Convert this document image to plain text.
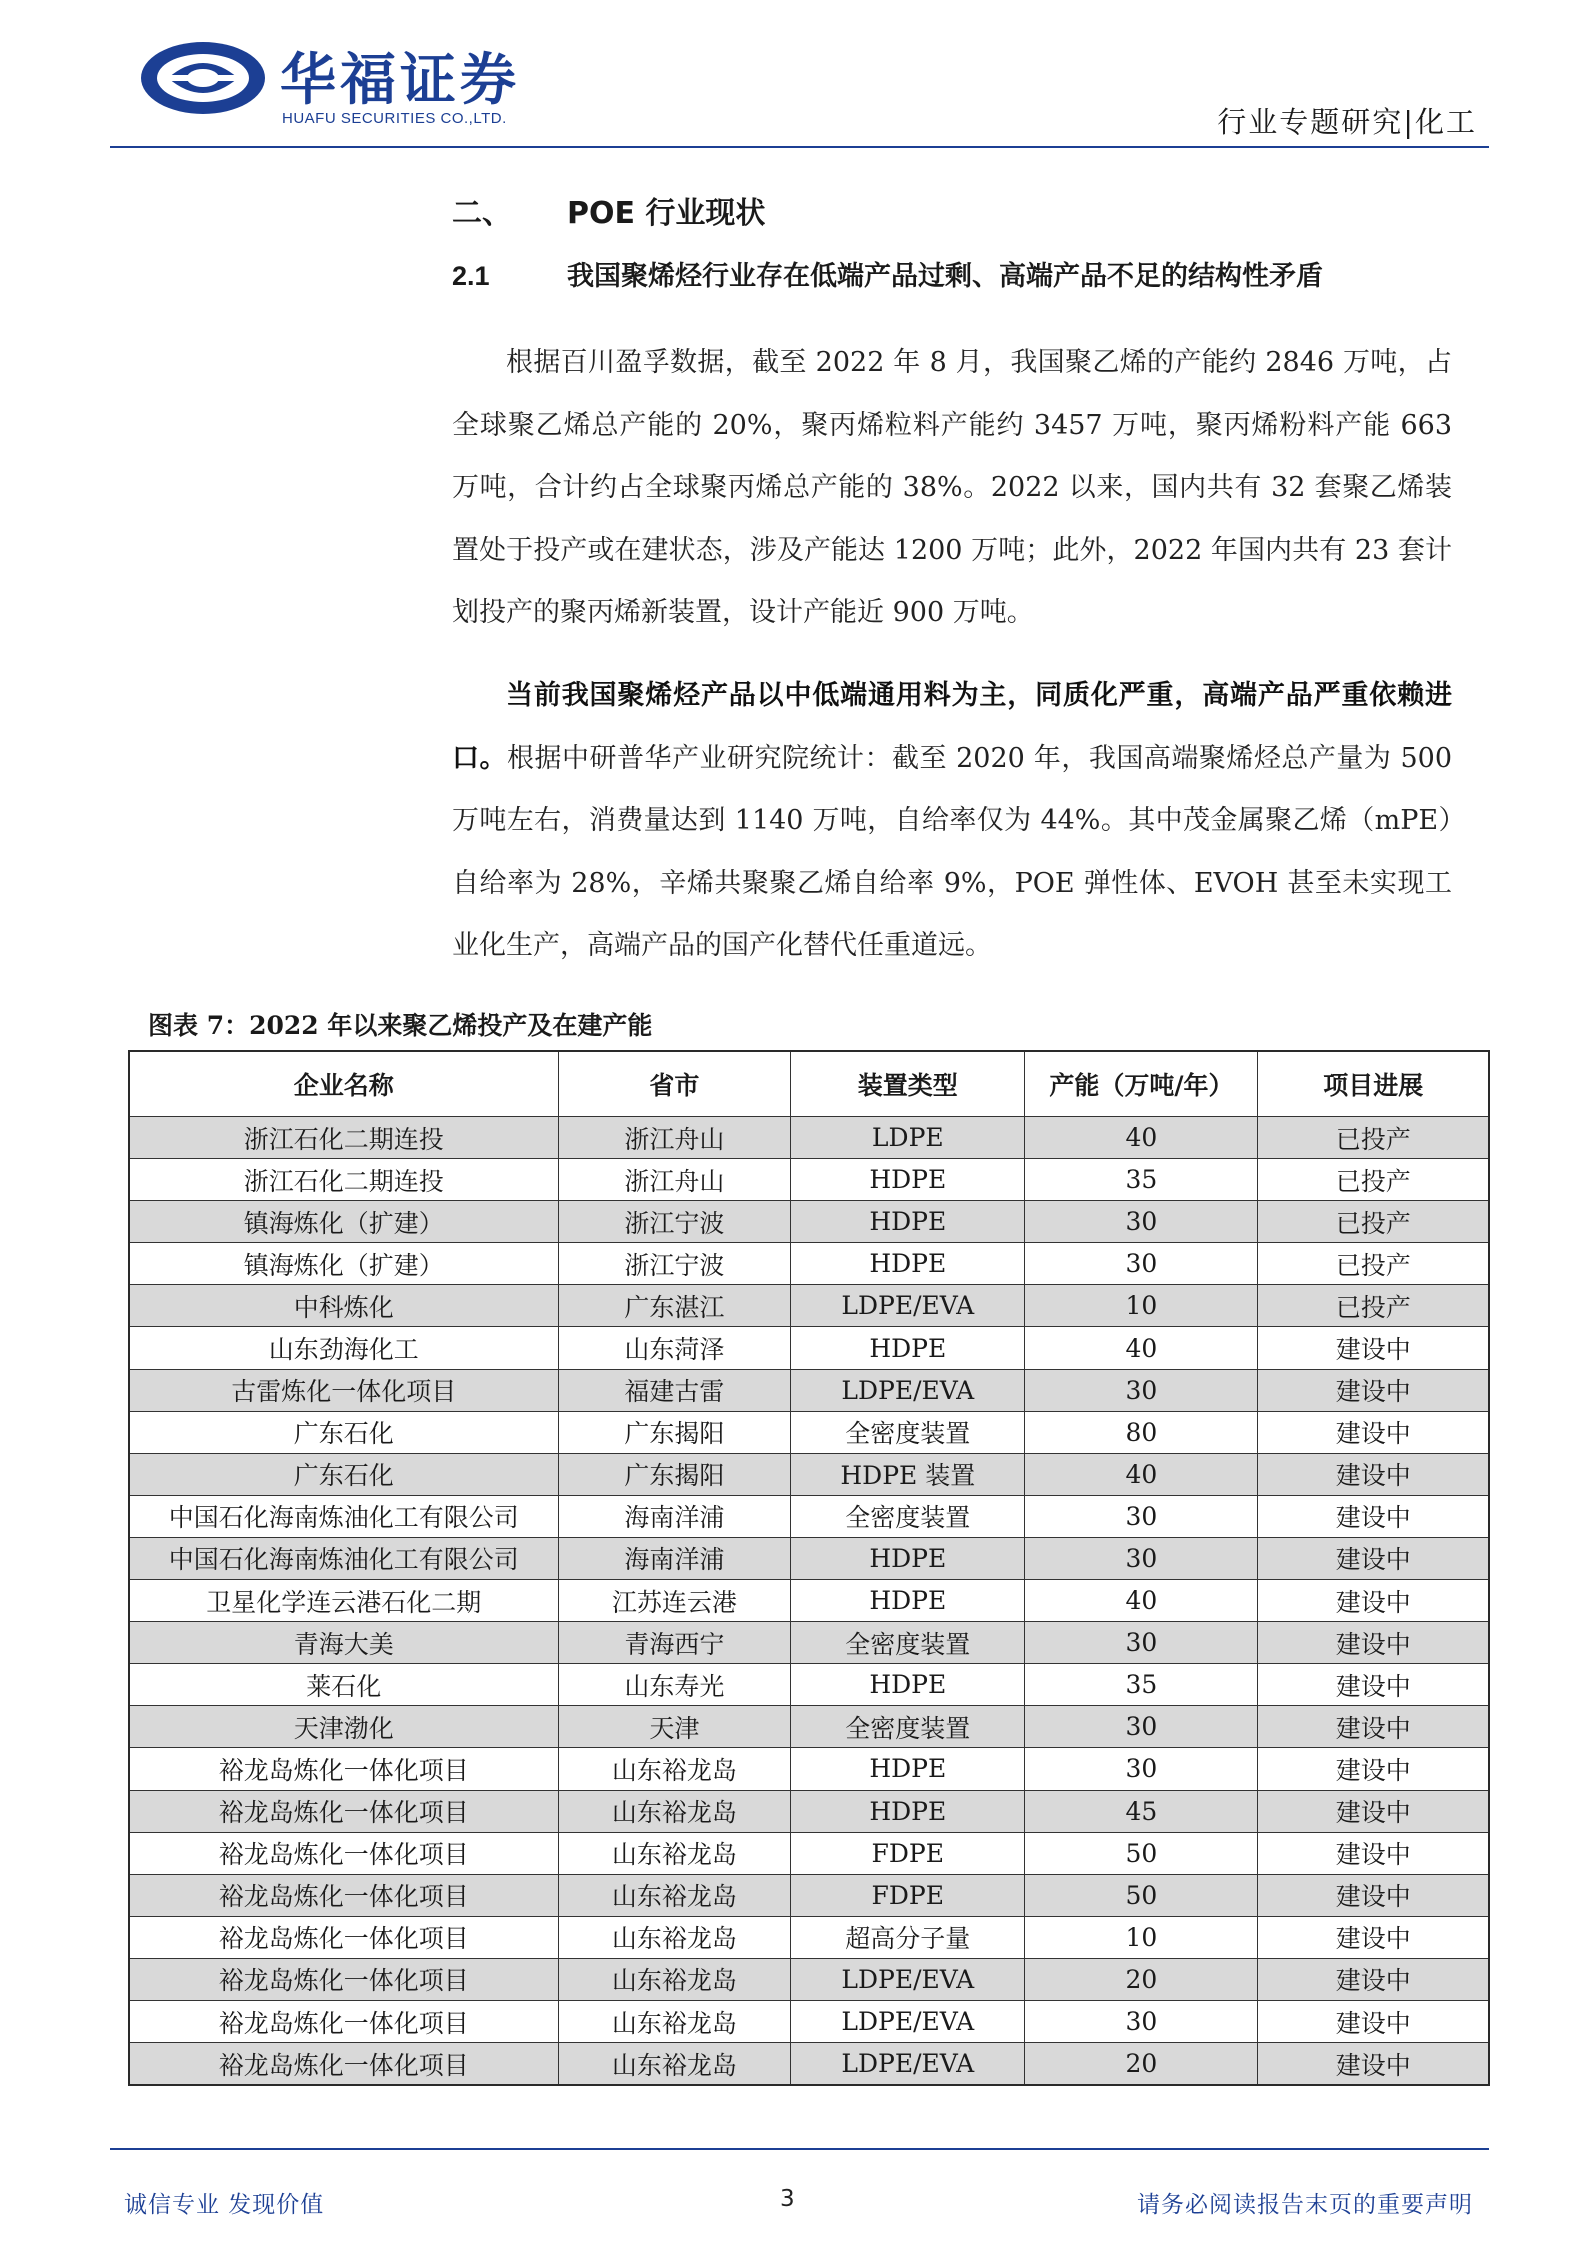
华福证券
HUAFU SECURITIES CO.,LTD.	行业专题研究|化工
二、 POE 行业现状
2.1	我国聚烯烃行业存在低端产品过剩、高端产品不足的结构性矛盾
根据百川盈孚数据，截至 2022 年 8 月，我国聚乙烯的产能约 2846 万吨，占全球聚乙烯总产能的 20%，聚丙烯粒料产能约 3457 万吨，聚丙烯粉料产能 663 万吨，合计约占全球聚丙烯总产能的 38%。2022 以来，国内共有 32 套聚乙烯装置处于投产或在建状态，涉及产能达 1200 万吨；此外，2022 年国内共有 23 套计划投产的聚丙烯新装置，设计产能近 900 万吨。
当前我国聚烯烃产品以中低端通用料为主，同质化严重，高端产品严重依赖进口。根据中研普华产业研究院统计：截至 2020 年，我国高端聚烯烃总产量为 500 万吨左右，消费量达到 1140 万吨，自给率仅为 44%。其中茂金属聚乙烯（mPE）自给率为 28%，辛烯共聚聚乙烯自给率 9%，POE 弹性体、EVOH 甚至未实现工业化生产，高端产品的国产化替代任重道远。
图表 7：2022 年以来聚乙烯投产及在建产能
企业名称	省市	装置类型	产能（万吨/年）	项目进展
浙江石化二期连投	浙江舟山	LDPE	40	已投产
浙江石化二期连投	浙江舟山	HDPE	35	已投产
镇海炼化（扩建）	浙江宁波	HDPE	30	已投产
镇海炼化（扩建）	浙江宁波	HDPE	30	已投产
中科炼化	广东湛江	LDPE/EVA	10	已投产
山东劲海化工	山东菏泽	HDPE	40	建设中
古雷炼化一体化项目	福建古雷	LDPE/EVA	30	建设中
广东石化	广东揭阳	全密度装置	80	建设中
广东石化	广东揭阳	HDPE 装置	40	建设中
中国石化海南炼油化工有限公司	海南洋浦	全密度装置	30	建设中
中国石化海南炼油化工有限公司	海南洋浦	HDPE	30	建设中
卫星化学连云港石化二期	江苏连云港	HDPE	40	建设中
青海大美	青海西宁	全密度装置	30	建设中
莱石化	山东寿光	HDPE	35	建设中
天津渤化	天津	全密度装置	30	建设中
裕龙岛炼化一体化项目	山东裕龙岛	HDPE	30	建设中
裕龙岛炼化一体化项目	山东裕龙岛	HDPE	45	建设中
裕龙岛炼化一体化项目	山东裕龙岛	FDPE	50	建设中
裕龙岛炼化一体化项目	山东裕龙岛	FDPE	50	建设中
裕龙岛炼化一体化项目	山东裕龙岛	超高分子量	10	建设中
裕龙岛炼化一体化项目	山东裕龙岛	LDPE/EVA	20	建设中
裕龙岛炼化一体化项目	山东裕龙岛	LDPE/EVA	30	建设中
裕龙岛炼化一体化项目	山东裕龙岛	LDPE/EVA	20	建设中
诚信专业 发现价值	3	请务必阅读报告末页的重要声明
